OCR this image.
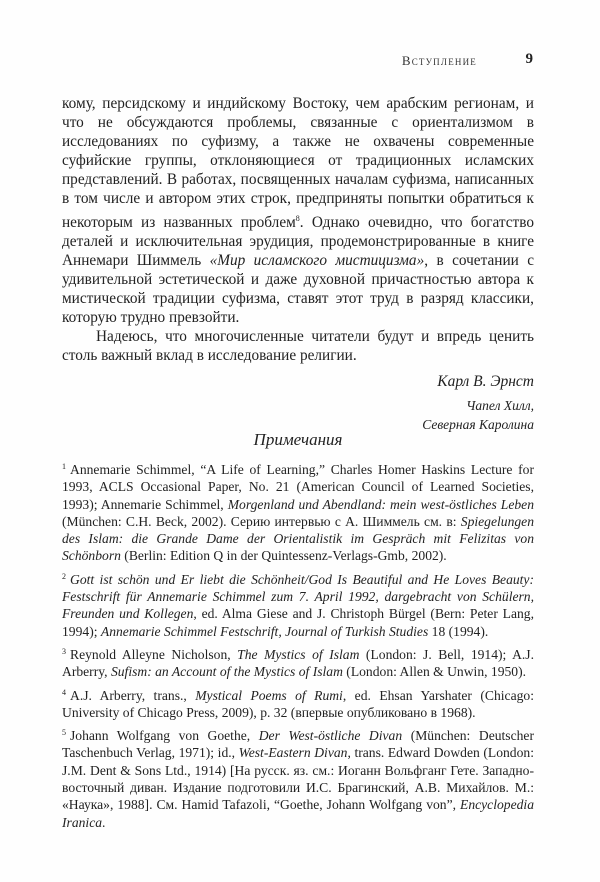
Вступление	9

кому, персидскому и индийскому Востоку, чем арабским регионам, и что не обсуждаются проблемы, связанные с ориентализмом в исследованиях по суфизму, а также не охвачены современные суфийские группы, отклоняющиеся от традиционных исламских представлений. В работах, посвященных началам суфизма, написанных в том числе и автором этих строк, предприняты попытки обратиться к некоторым из названных проблем$^8$. Однако очевидно, что богатство деталей и исключительная эрудиция, продемонстрированные в книге Аннемари Шиммель «Мир исламского мистицизма», в сочетании с удивительной эстетической и даже духовной причастностью автора к мистической традиции суфизма, ставят этот труд в разряд классики, которую трудно превзойти.

Надеюсь, что многочисленные читатели будут и впредь ценить столь важный вклад в исследование религии.

Карл В. Эрнст
Чапел Хилл,
Северная Каролина
Примечания

$^1$ Annemarie Schimmel, “A Life of Learning,” Charles Homer Haskins Lecture for 1993, ACLS Occasional Paper, No. 21 (American Council of Learned Societies, 1993); Annemarie Schimmel, Morgenland und Abendland: mein west-östliches Leben (München: C.H. Beck, 2002). Серию интервью с А. Шиммель см. в: Spiegelungen des Islam: die Grande Dame der Orientalistik im Gespräch mit Felizitas von Schönborn (Berlin: Edition Q in der Quintessenz-Verlags-Gmb, 2002).

$^2$ Gott ist schön und Er liebt die Schönheit/God Is Beautiful and He Loves Beauty: Festschrift für Annemarie Schimmel zum 7. April 1992, dargebracht von Schülern, Freunden und Kollegen, ed. Alma Giese and J. Christoph Bürgel (Bern: Peter Lang, 1994); Annemarie Schimmel Festschrift, Journal of Turkish Studies 18 (1994).

$^3$ Reynold Alleyne Nicholson, The Mystics of Islam (London: J. Bell, 1914); A.J. Arberry, Sufism: an Account of the Mystics of Islam (London: Allen & Unwin, 1950).

$^4$ A.J. Arberry, trans., Mystical Poems of Rumi, ed. Ehsan Yarshater (Chicago: University of Chicago Press, 2009), p. 32 (впервые опубликовано в 1968).

$^5$ Johann Wolfgang von Goethe, Der West-östliche Divan (München: Deutscher Taschenbuch Verlag, 1971); id., West-Eastern Divan, trans. Edward Dowden (London: J.M. Dent & Sons Ltd., 1914) [На русск. яз. см.: Иоганн Вольфганг Гете. Западно-восточный диван. Издание подготовили И.С. Брагинский, А.В. Михайлов. М.: «Наука», 1988]. См. Hamid Tafazoli, “Goethe, Johann Wolfgang von”, Encyclopedia Iranica.
